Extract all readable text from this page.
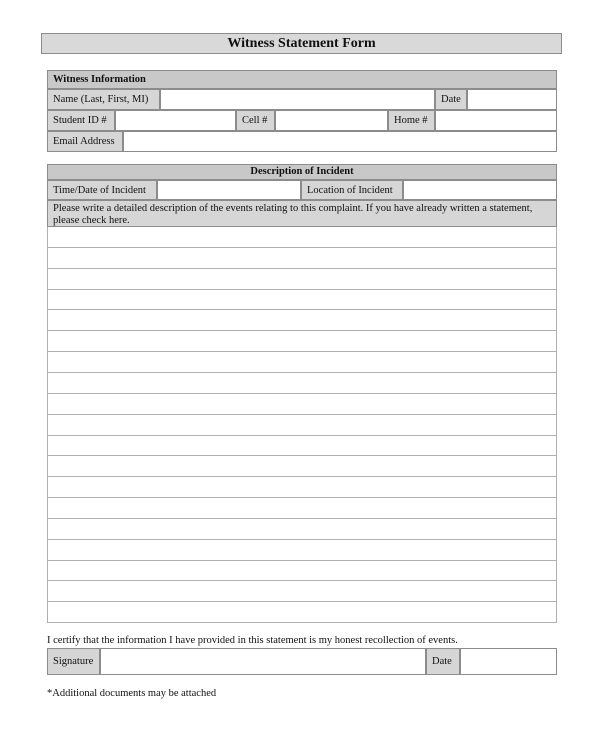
Witness Statement Form
Witness Information
Name (Last, First, MI)	Date
Student ID #	Cell #	Home #
Email Address
Description of Incident
Time/Date of Incident	Location of Incident
Please write a detailed description of the events relating to this complaint. If you have already written a statement, please check here.
I certify that the information I have provided in this statement is my honest recollection of events.
Signature	Date
*Additional documents may be attached
